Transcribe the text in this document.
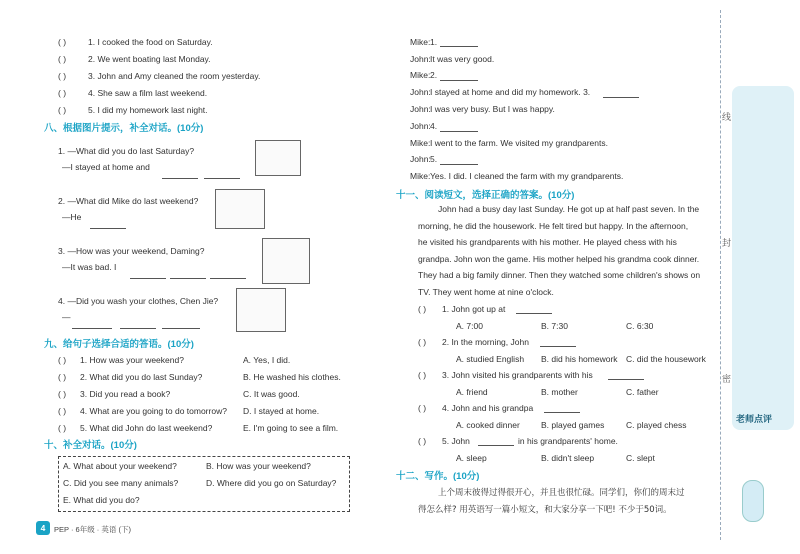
( )	1. I cooked the food on Saturday.
( )	2. We went boating last Monday.
( )	3. John and Amy cleaned the room yesterday.
( )	4. She saw a film last weekend.
( )	5. I did my homework last night.
八、根据图片提示，补全对话。(10分)
1. —What did you do last Saturday?
—I stayed at home and
2. —What did Mike do last weekend?
—He
3. —How was your weekend, Daming?
—It was bad. I
4. —Did you wash your clothes, Chen Jie?
—
九、给句子选择合适的答语。(10分)
( ) 1. How was your weekend?	A. Yes, I did.
( ) 2. What did you do last Sunday?	B. He washed his clothes.
( ) 3. Did you read a book?	C. It was good.
( ) 4. What are you going to do tomorrow? D. I stayed at home.
( ) 5. What did John do last weekend?	E. I'm going to see a film.
十、补全对话。(10分)
A. What about your weekend?	B. How was your weekend?
C. Did you see many animals?	D. Where did you go on Saturday?
E. What did you do?
4	PEP · 6年级 · 英语 (下)
线
封
密
老师点评
Mike: 1.
John: It was very good.
Mike: 2.
John: I stayed at home and did my homework. 3.
John: I was very busy. But I was happy.
John: 4.
Mike: I went to the farm. We visited my grandparents.
John: 5.
Mike: Yes. I did. I cleaned the farm with my grandparents.
十一、阅读短文，选择正确的答案。(10分)
John had a busy day last Sunday. He got up at half past seven. In the
morning, he did the housework. He felt tired but happy. In the afternoon,
he visited his grandparents with his mother. He played chess with his
grandpa. John won the game. His mother helped his grandma cook dinner.
They had a big family dinner. Then they watched some children's shows on
TV. They went home at nine o'clock.
( ) 1. John got up at
A. 7:00	B. 7:30	C. 6:30
( ) 2. In the morning, John
A. studied English B. did his homework C. did the housework
( ) 3. John visited his grandparents with his
A. friend	B. mother	C. father
( ) 4. John and his grandpa
A. cooked dinner B. played games	C. played chess
( ) 5. John
A. sleep	B. didn't sleep	C. slept
in his grandparents' home.
十二、写作。(10分)
上个周末彼得过得很开心，并且也很忙碌。同学们，你们的周末过
得怎么样? 用英语写一篇小短文，和大家分享一下吧! 不少于50词。
